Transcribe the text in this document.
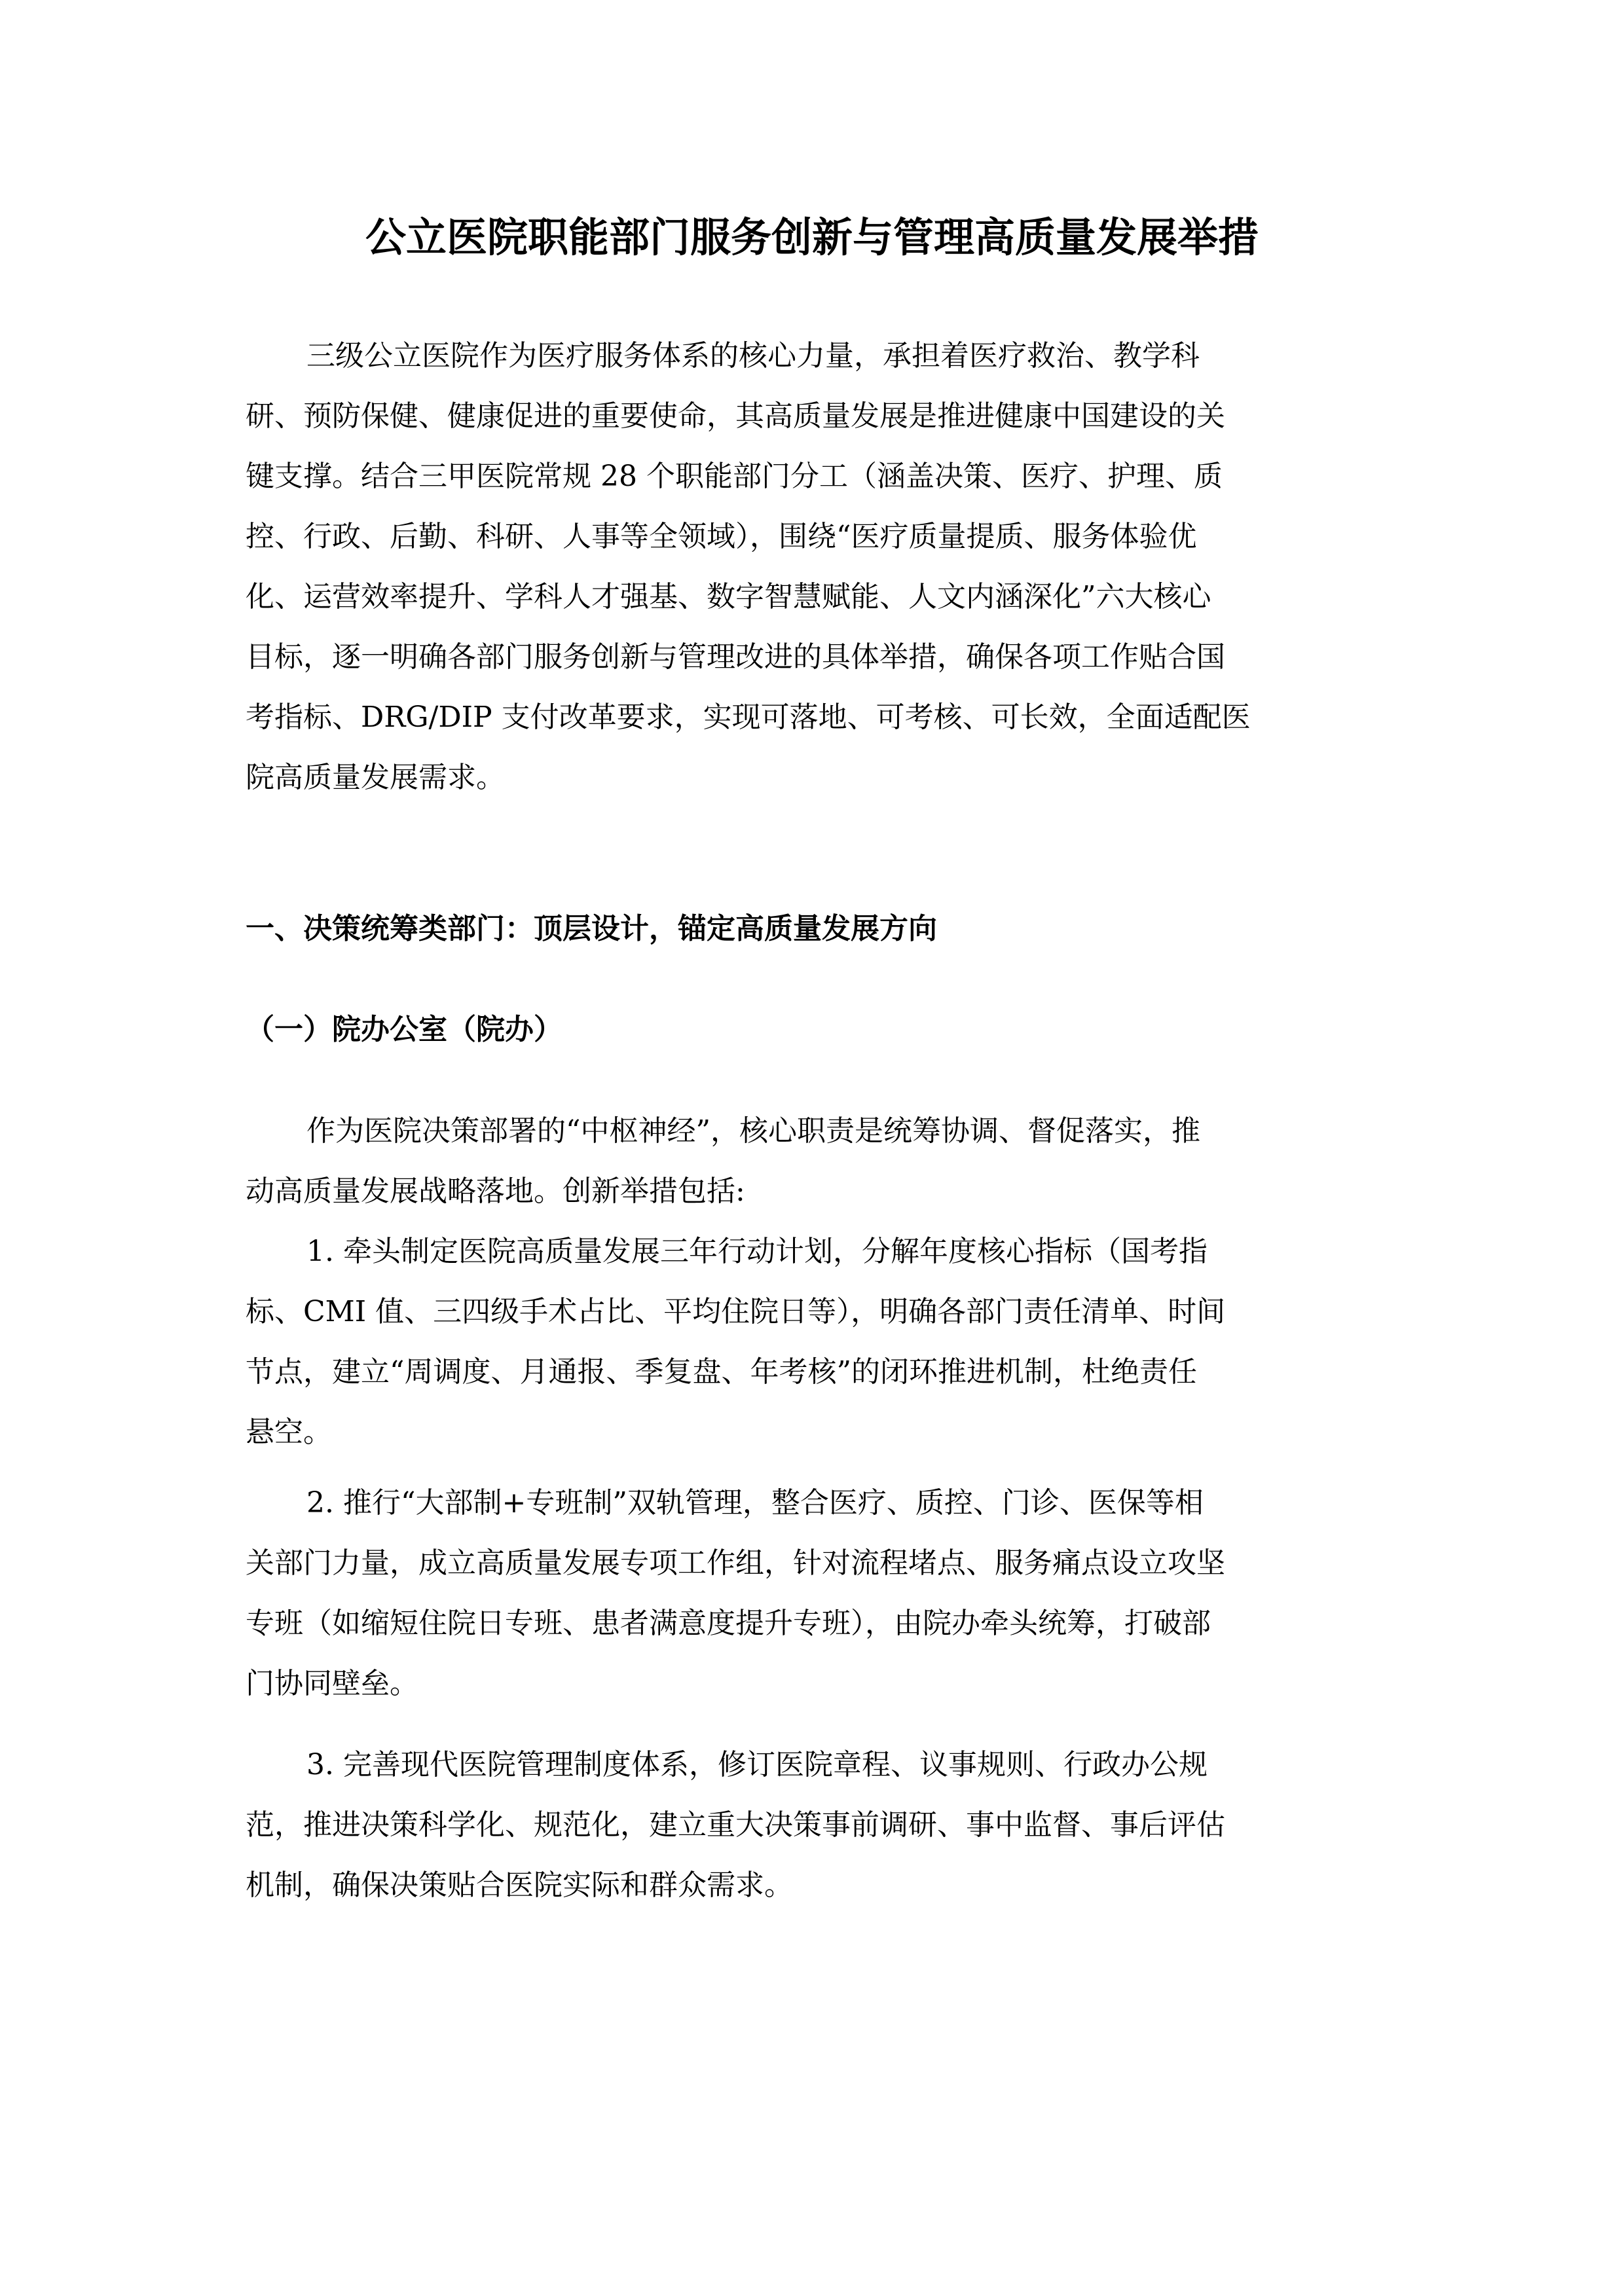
公立医院职能部门服务创新与管理高质量发展举措
三级公立医院作为医疗服务体系的核心力量，承担着医疗救治、教学科
研、预防保健、健康促进的重要使命，其高质量发展是推进健康中国建设的关
键支撑。结合三甲医院常规 28 个职能部门分工（涵盖决策、医疗、护理、质
控、行政、后勤、科研、人事等全领域），围绕“医疗质量提质、服务体验优
化、运营效率提升、学科人才强基、数字智慧赋能、人文内涵深化”六大核心
目标，逐一明确各部门服务创新与管理改进的具体举措，确保各项工作贴合国
考指标、DRG/DIP 支付改革要求，实现可落地、可考核、可长效，全面适配医
院高质量发展需求。
一、决策统筹类部门：顶层设计，锚定高质量发展方向
（一）院办公室（院办）
作为医院决策部署的“中枢神经”，核心职责是统筹协调、督促落实，推
动高质量发展战略落地。创新举措包括:
1. 牵头制定医院高质量发展三年行动计划，分解年度核心指标（国考指
标、CMI 值、三四级手术占比、平均住院日等），明确各部门责任清单、时间
节点，建立“周调度、月通报、季复盘、年考核”的闭环推进机制，杜绝责任
悬空。
2. 推行“大部制+专班制”双轨管理，整合医疗、质控、门诊、医保等相
关部门力量，成立高质量发展专项工作组，针对流程堵点、服务痛点设立攻坚
专班（如缩短住院日专班、患者满意度提升专班），由院办牵头统筹，打破部
门协同壁垒。
3. 完善现代医院管理制度体系，修订医院章程、议事规则、行政办公规
范，推进决策科学化、规范化，建立重大决策事前调研、事中监督、事后评估
机制，确保决策贴合医院实际和群众需求。
